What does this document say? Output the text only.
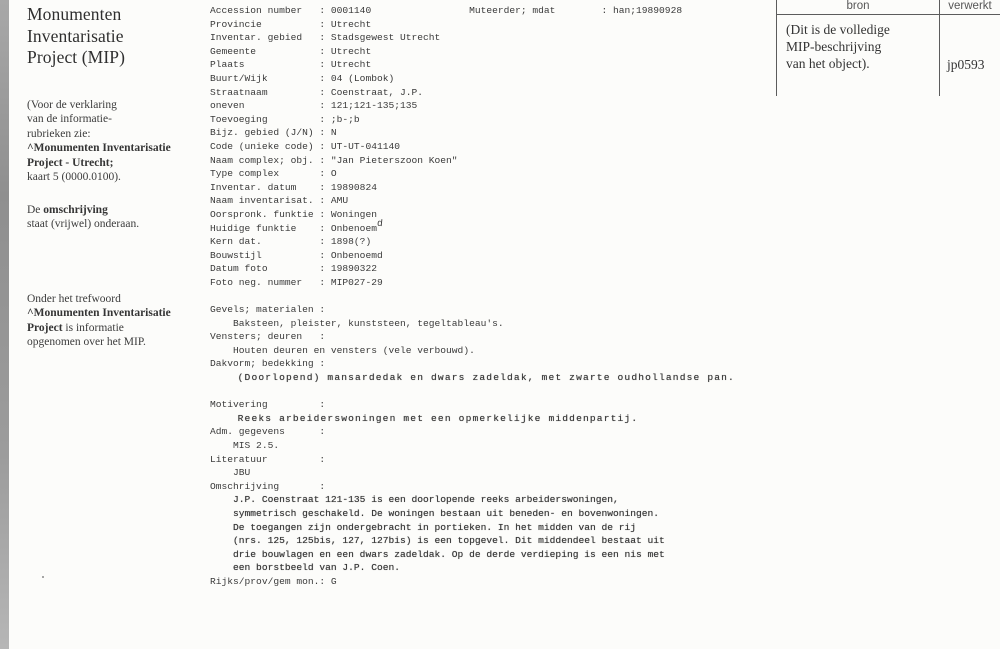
Monumenten
Inventarisatie
Project (MIP)
(Voor de verklaring
van de informatie-
rubrieken zie:
^Monumenten Inventarisatie
Project - Utrecht;
kaart 5 (0000.0100).
De omschrijving
staat (vrijwel) onderaan.
Onder het trefwoord
^Monumenten Inventarisatie
Project is informatie
opgenomen over het MIP.
bron	verwerkt
(Dit is de volledige
MIP-beschrijving
van het object).	jp0593
Accession number   : 0001140	Muteerder; mdat        : han;19890928
Provincie          : Utrecht
Inventar. gebied   : Stadsgewest Utrecht
Gemeente           : Utrecht
Plaats             : Utrecht
Buurt/Wijk         : 04 (Lombok)
Straatnaam         : Coenstraat, J.P.
oneven             : 121;121-135;135
Toevoeging         : ;b-;b
Bijz. gebied (J/N) : N
Code (unieke code) : UT-UT-041140
Naam complex; obj. : "Jan Pieterszoon Koen"
Type complex       : O
Inventar. datum    : 19890824
Naam inventarisat. : AMU
Oorspronk. funktie : Woningen
Huidige funktie    : Onbenoemd
Kern dat.          : 1898(?)
Bouwstijl          : Onbenoemd
Datum foto         : 19890322
Foto neg. nummer   : MIP027-29
Gevels; materialen :
Baksteen, pleister, kunststeen, tegeltableau's.
Vensters; deuren   :
Houten deuren en vensters (vele verbouwd).
Dakvorm; bedekking :
(Doorlopend) mansardedak en dwars zadeldak, met zwarte oudhollandse pan.
Motivering         :
Reeks arbeiderswoningen met een opmerkelijke middenpartij.
Adm. gegevens      :
MIS 2.5.
Literatuur         :
JBU
Omschrijving       :
J.P. Coenstraat 121-135 is een doorlopende reeks arbeiderswoningen,
symmetrisch geschakeld. De woningen bestaan uit beneden- en bovenwoningen.
De toegangen zijn ondergebracht in portieken. In het midden van de rij
(nrs. 125, 125bis, 127, 127bis) is een topgevel. Dit middendeel bestaat uit
drie bouwlagen en een dwars zadeldak. Op de derde verdieping is een nis met
een borstbeeld van J.P. Coen.
Rijks/prov/gem mon.: G
